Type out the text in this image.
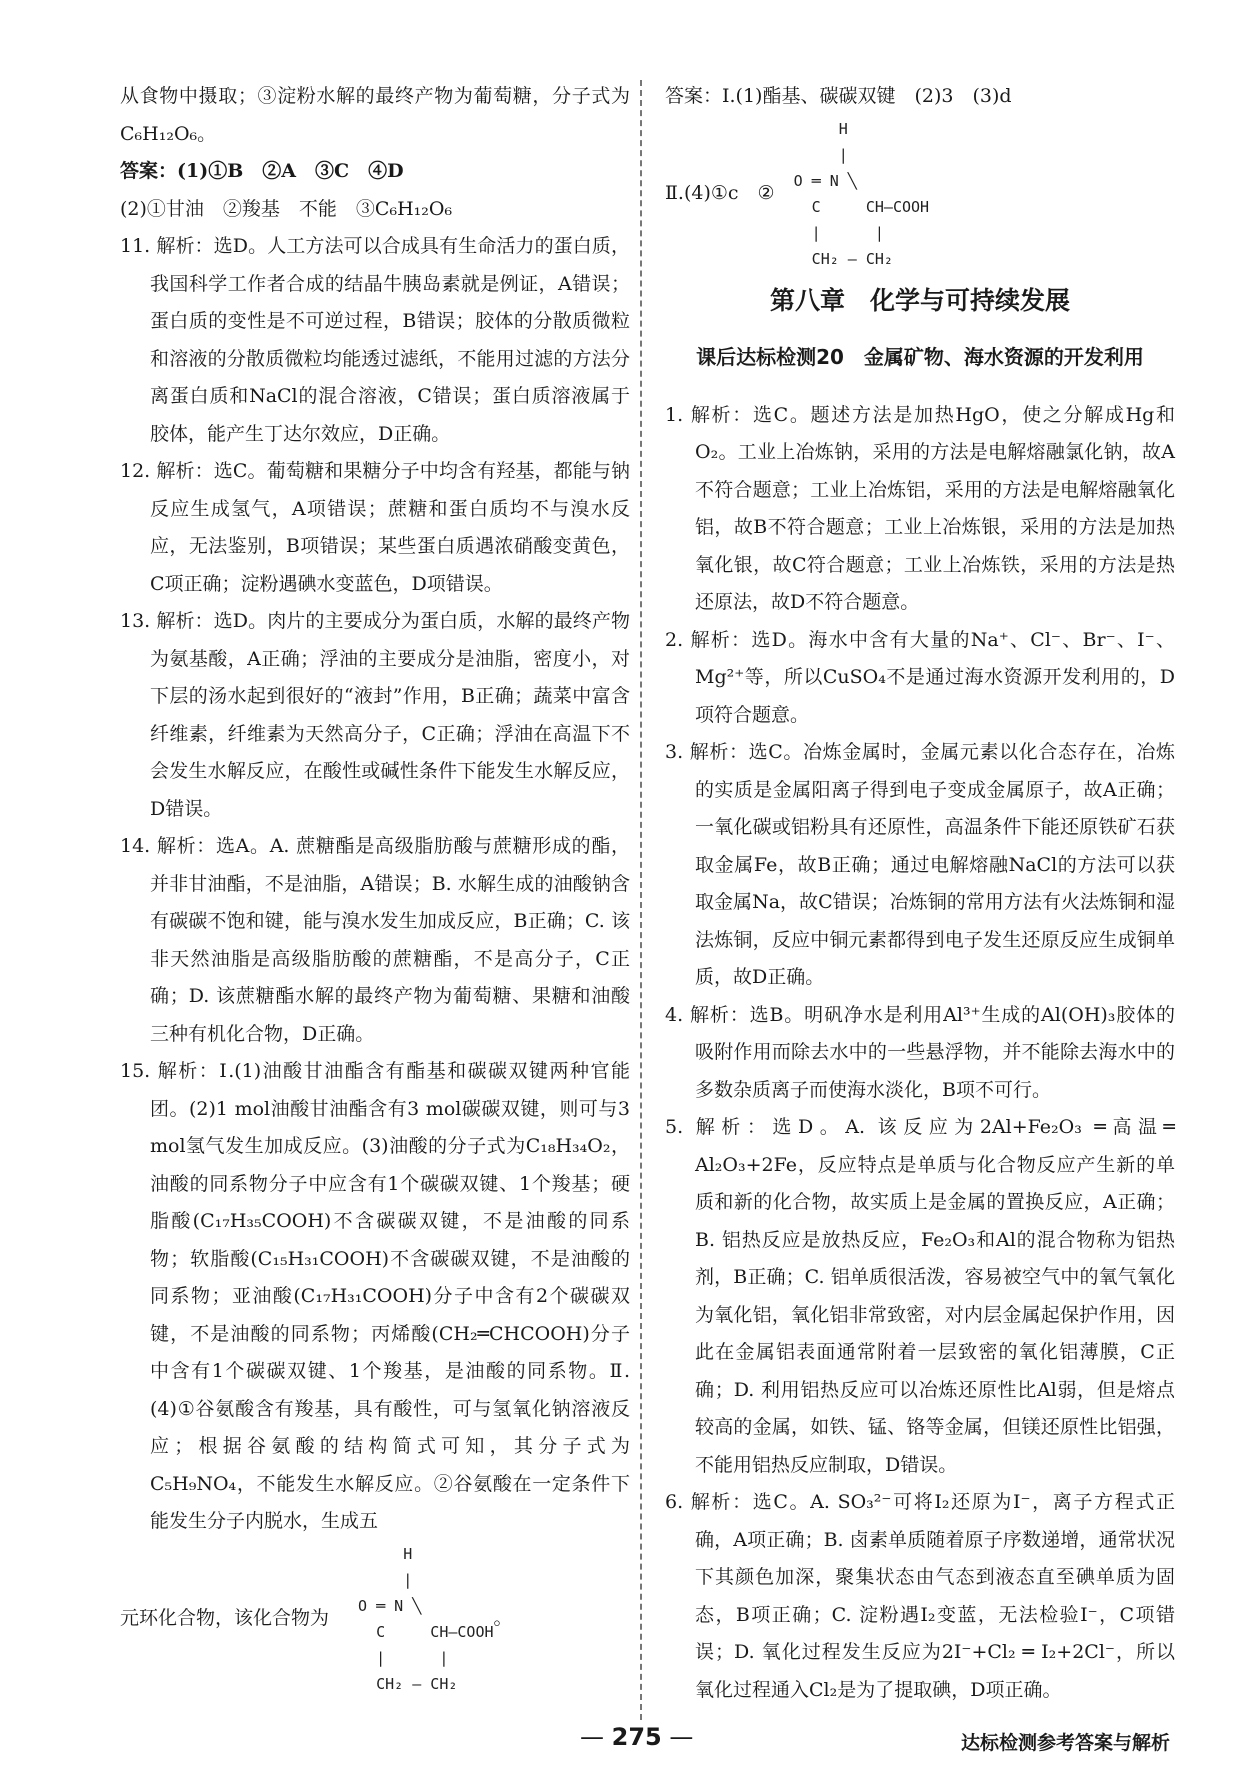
从食物中摄取；③淀粉水解的最终产物为葡萄糖，分子式为C₆H₁₂O₆。

答案：(1)①B　②A　③C　④D

(2)①甘油　②羧基　不能　③C₆H₁₂O₆

11. 解析：选D。人工方法可以合成具有生命活力的蛋白质，我国科学工作者合成的结晶牛胰岛素就是例证，A错误；蛋白质的变性是不可逆过程，B错误；胶体的分散质微粒和溶液的分散质微粒均能透过滤纸，不能用过滤的方法分离蛋白质和NaCl的混合溶液，C错误；蛋白质溶液属于胶体，能产生丁达尔效应，D正确。

12. 解析：选C。葡萄糖和果糖分子中均含有羟基，都能与钠反应生成氢气，A项错误；蔗糖和蛋白质均不与溴水反应，无法鉴别，B项错误；某些蛋白质遇浓硝酸变黄色，C项正确；淀粉遇碘水变蓝色，D项错误。

13. 解析：选D。肉片的主要成分为蛋白质，水解的最终产物为氨基酸，A正确；浮油的主要成分是油脂，密度小，对下层的汤水起到很好的“液封”作用，B正确；蔬菜中富含纤维素，纤维素为天然高分子，C正确；浮油在高温下不会发生水解反应，在酸性或碱性条件下能发生水解反应，D错误。

14. 解析：选A。A. 蔗糖酯是高级脂肪酸与蔗糖形成的酯，并非甘油酯，不是油脂，A错误；B. 水解生成的油酸钠含有碳碳不饱和键，能与溴水发生加成反应，B正确；C. 该非天然油脂是高级脂肪酸的蔗糖酯，不是高分子，C正确；D. 该蔗糖酯水解的最终产物为葡萄糖、果糖和油酸三种有机化合物，D正确。

15. 解析：Ⅰ.(1)油酸甘油酯含有酯基和碳碳双键两种官能团。(2)1 mol油酸甘油酯含有3 mol碳碳双键，则可与3 mol氢气发生加成反应。(3)油酸的分子式为C₁₈H₃₄O₂，油酸的同系物分子中应含有1个碳碳双键、1个羧基；硬脂酸(C₁₇H₃₅COOH)不含碳碳双键，不是油酸的同系物；软脂酸(C₁₅H₃₁COOH)不含碳碳双键，不是油酸的同系物；亚油酸(C₁₇H₃₁COOH)分子中含有2个碳碳双键，不是油酸的同系物；丙烯酸(CH₂═CHCOOH)分子中含有1个碳碳双键、1个羧基，是油酸的同系物。Ⅱ.(4)①谷氨酸含有羧基，具有酸性，可与氢氧化钠溶液反应；根据谷氨酸的结构简式可知，其分子式为C₅H₉NO₄，不能发生水解反应。②谷氨酸在一定条件下能发生分子内脱水，生成五

元环化合物，该化合物为
H
|
O ═ N ╲
C     CH—COOH
|      |
CH₂ — CH₂
。

答案：Ⅰ.(1)酯基、碳碳双键　(2)3　(3)d

Ⅱ.(4)①c　②
H
|
O ═ N ╲
C     CH—COOH
|      |
CH₂ — CH₂
第八章　化学与可持续发展
课后达标检测20　金属矿物、海水资源的开发利用

1. 解析：选C。题述方法是加热HgO，使之分解成Hg和O₂。工业上冶炼钠，采用的方法是电解熔融氯化钠，故A不符合题意；工业上冶炼铝，采用的方法是电解熔融氧化铝，故B不符合题意；工业上冶炼银，采用的方法是加热氧化银，故C符合题意；工业上冶炼铁，采用的方法是热还原法，故D不符合题意。

2. 解析：选D。海水中含有大量的Na⁺、Cl⁻、Br⁻、I⁻、Mg²⁺等，所以CuSO₄不是通过海水资源开发利用的，D项符合题意。

3. 解析：选C。冶炼金属时，金属元素以化合态存在，冶炼的实质是金属阳离子得到电子变成金属原子，故A正确；一氧化碳或铝粉具有还原性，高温条件下能还原铁矿石获取金属Fe，故B正确；通过电解熔融NaCl的方法可以获取金属Na，故C错误；冶炼铜的常用方法有火法炼铜和湿法炼铜，反应中铜元素都得到电子发生还原反应生成铜单质，故D正确。

4. 解析：选B。明矾净水是利用Al³⁺生成的Al(OH)₃胶体的吸附作用而除去水中的一些悬浮物，并不能除去海水中的多数杂质离子而使海水淡化，B项不可行。

5. 解析：选D。A. 该反应为2Al+Fe₂O₃ ═高温═ Al₂O₃+2Fe，反应特点是单质与化合物反应产生新的单质和新的化合物，故实质上是金属的置换反应，A正确；B. 铝热反应是放热反应，Fe₂O₃和Al的混合物称为铝热剂，B正确；C. 铝单质很活泼，容易被空气中的氧气氧化为氧化铝，氧化铝非常致密，对内层金属起保护作用，因此在金属铝表面通常附着一层致密的氧化铝薄膜，C正确；D. 利用铝热反应可以冶炼还原性比Al弱，但是熔点较高的金属，如铁、锰、铬等金属，但镁还原性比铝强，不能用铝热反应制取，D错误。

6. 解析：选C。A. SO₃²⁻可将I₂还原为I⁻，离子方程式正确，A项正确；B. 卤素单质随着原子序数递增，通常状况下其颜色加深，聚集状态由气态到液态直至碘单质为固态，B项正确；C. 淀粉遇I₂变蓝，无法检验I⁻，C项错误；D. 氧化过程发生反应为2I⁻+Cl₂ ═ I₂+2Cl⁻，所以氧化过程通入Cl₂是为了提取碘，D项正确。

— 275 —	达标检测参考答案与解析
